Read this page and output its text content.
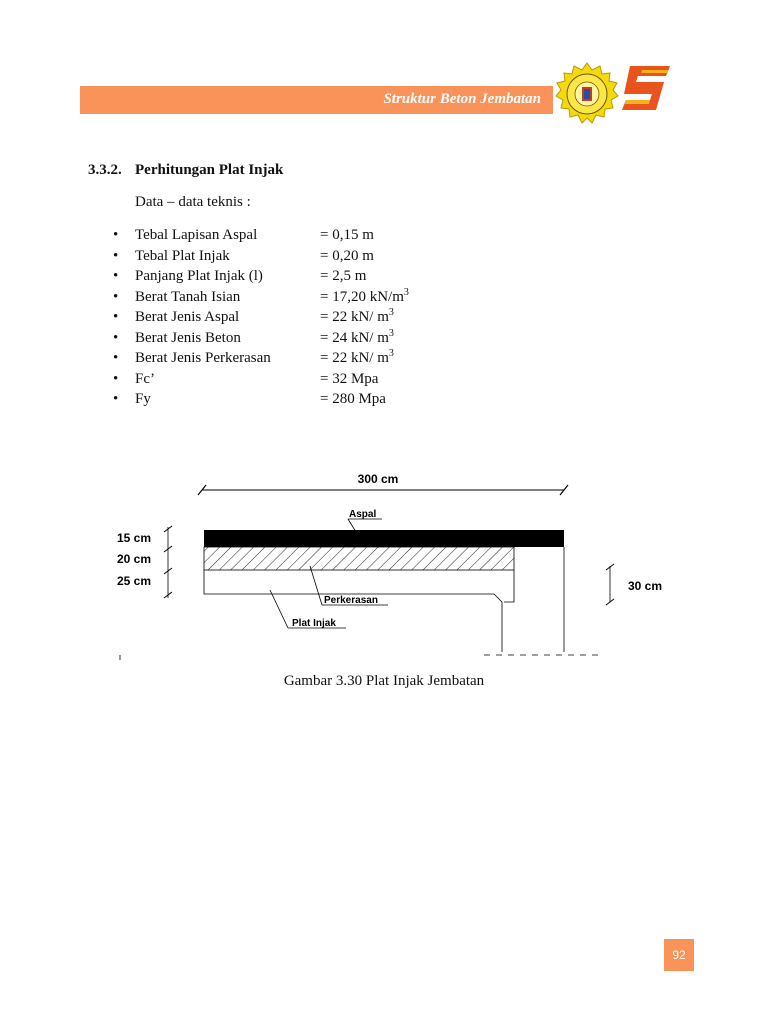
Struktur Beton Jembatan
3.3.2. Perhitungan Plat Injak
Data – data teknis :
•	Tebal Lapisan Aspal	= 0,15 m
•	Tebal Plat Injak	= 0,20 m
•	Panjang Plat Injak (l)	= 2,5 m
•	Berat Tanah Isian	= 17,20 $kN/m^3$
•	Berat Jenis Aspal	= 22 kN/ $m^3$
•	Berat Jenis Beton	= 24 kN/ $m^3$
•	Berat Jenis Perkerasan	= 22 kN/ $m^3$
•	Fc’	= 32 Mpa
•	Fy	= 280 Mpa
300 cm
15 cm
20 cm
25 cm	30 cm
Aspal
Perkerasan
Plat Injak
Gambar 3.30 Plat Injak Jembatan
92
